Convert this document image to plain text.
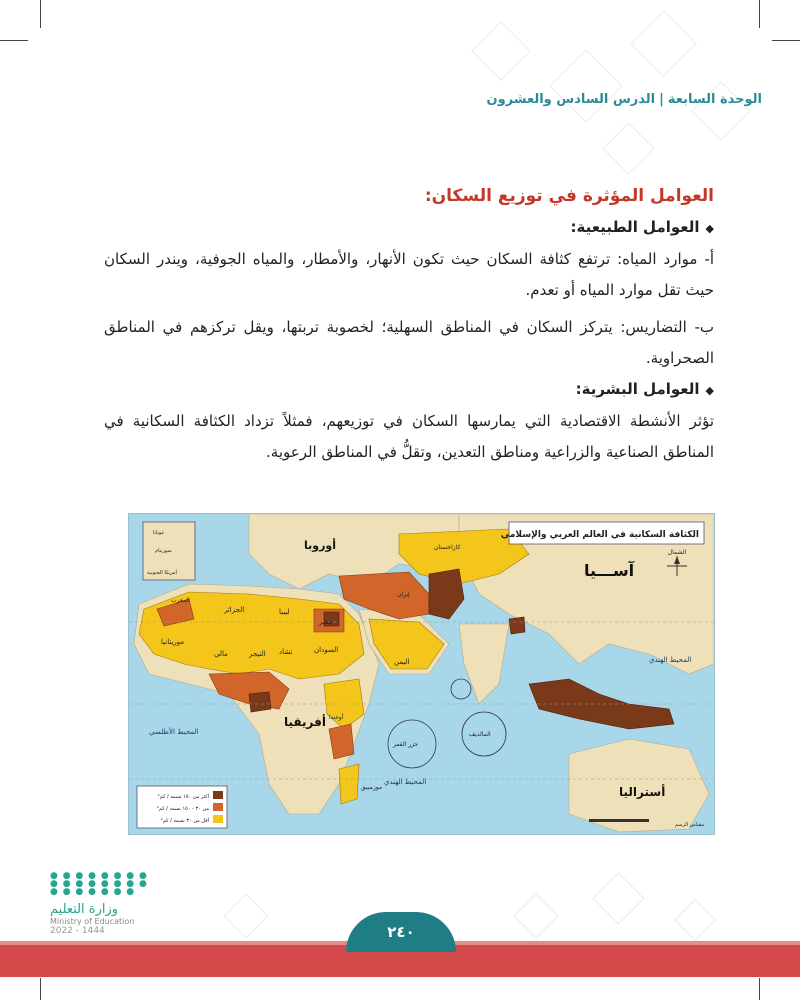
الوحدة السابعة|الدرس السادس والعشرون
العوامل المؤثرة في توزيع السكان:
◆العوامل الطبيعية:

أ- موارد المياه: ترتفع كثافة السكان حيث تكون الأنهار، والأمطار، والمياه الجوفية، ويندر السكان حيث تقل موارد المياه أو تعدم.

ب- التضاريس: يتركز السكان في المناطق السهلية؛ لخصوبة تربتها، ويقل تركزهم في المناطق الصحراوية.

◆العوامل البشرية:

تؤثر الأنشطة الاقتصادية التي يمارسها السكان في توزيعهم، فمثلاً تزداد الكثافة السكانية في المناطق الصناعية والزراعية ومناطق التعدين، وتقلُّ في المناطق الرعوية.

الكثافة السكانية في العالم العربي والإسلامي
أكثر من ١٥٠ نسمة / كم²
من ٣٠ - ١٥٠ نسمة / كم²
أقل من ٣٠ نسمة / كم²
الشمال
مقياس الرسم
آســـيا
أوروبا
أفريقيا
أستراليا
المحيط الأطلسي
المحيط الهندي
المحيط الهندي
مصر
ليبيا
الجزائر
السودان
تشاد
النيجر
مالي
موريتانيا
المغرب
اليمن
كازاخستان
إيران
جزر القمر
المالديف
موزمبيق
أوغندا
غويانا
سورينام
أمريكا الجنوبية
● ● ● ● ● ● ● ●
● ● ● ● ● ● ● ●
● ● ● ● ● ● ●
وزارة التعليم
Ministry of Education
2022 - 1444	٢٤٠
